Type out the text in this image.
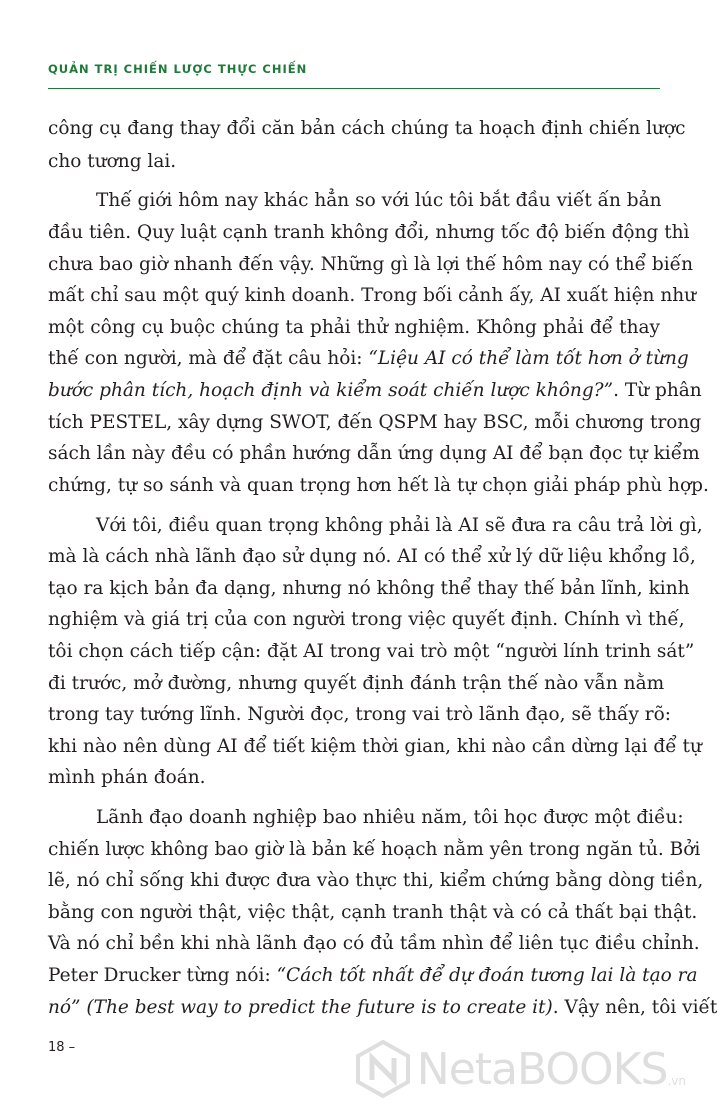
QUẢN TRỊ CHIẾN LƯỢC THỰC CHIẾN
công cụ đang thay đổi căn bản cách chúng ta hoạch định chiến lược
cho tương lai.
Thế giới hôm nay khác hẳn so với lúc tôi bắt đầu viết ấn bản
đầu tiên. Quy luật cạnh tranh không đổi, nhưng tốc độ biến động thì
chưa bao giờ nhanh đến vậy. Những gì là lợi thế hôm nay có thể biến
mất chỉ sau một quý kinh doanh. Trong bối cảnh ấy, AI xuất hiện như
một công cụ buộc chúng ta phải thử nghiệm. Không phải để thay
thế con người, mà để đặt câu hỏi: “Liệu AI có thể làm tốt hơn ở từng
bước phân tích, hoạch định và kiểm soát chiến lược không?”. Từ phân
tích PESTEL, xây dựng SWOT, đến QSPM hay BSC, mỗi chương trong
sách lần này đều có phần hướng dẫn ứng dụng AI để bạn đọc tự kiểm
chứng, tự so sánh và quan trọng hơn hết là tự chọn giải pháp phù hợp.
Với tôi, điều quan trọng không phải là AI sẽ đưa ra câu trả lời gì,
mà là cách nhà lãnh đạo sử dụng nó. AI có thể xử lý dữ liệu khổng lồ,
tạo ra kịch bản đa dạng, nhưng nó không thể thay thế bản lĩnh, kinh
nghiệm và giá trị của con người trong việc quyết định. Chính vì thế,
tôi chọn cách tiếp cận: đặt AI trong vai trò một “người lính trinh sát”
đi trước, mở đường, nhưng quyết định đánh trận thế nào vẫn nằm
trong tay tướng lĩnh. Người đọc, trong vai trò lãnh đạo, sẽ thấy rõ:
khi nào nên dùng AI để tiết kiệm thời gian, khi nào cần dừng lại để tự
mình phán đoán.
Lãnh đạo doanh nghiệp bao nhiêu năm, tôi học được một điều:
chiến lược không bao giờ là bản kế hoạch nằm yên trong ngăn tủ. Bởi
lẽ, nó chỉ sống khi được đưa vào thực thi, kiểm chứng bằng dòng tiền,
bằng con người thật, việc thật, cạnh tranh thật và có cả thất bại thật.
Và nó chỉ bền khi nhà lãnh đạo có đủ tầm nhìn để liên tục điều chỉnh.
Peter Drucker từng nói: “Cách tốt nhất để dự đoán tương lai là tạo ra
nó” (The best way to predict the future is to create it). Vậy nên, tôi viết
18 –	NetaBOOKS .vn
